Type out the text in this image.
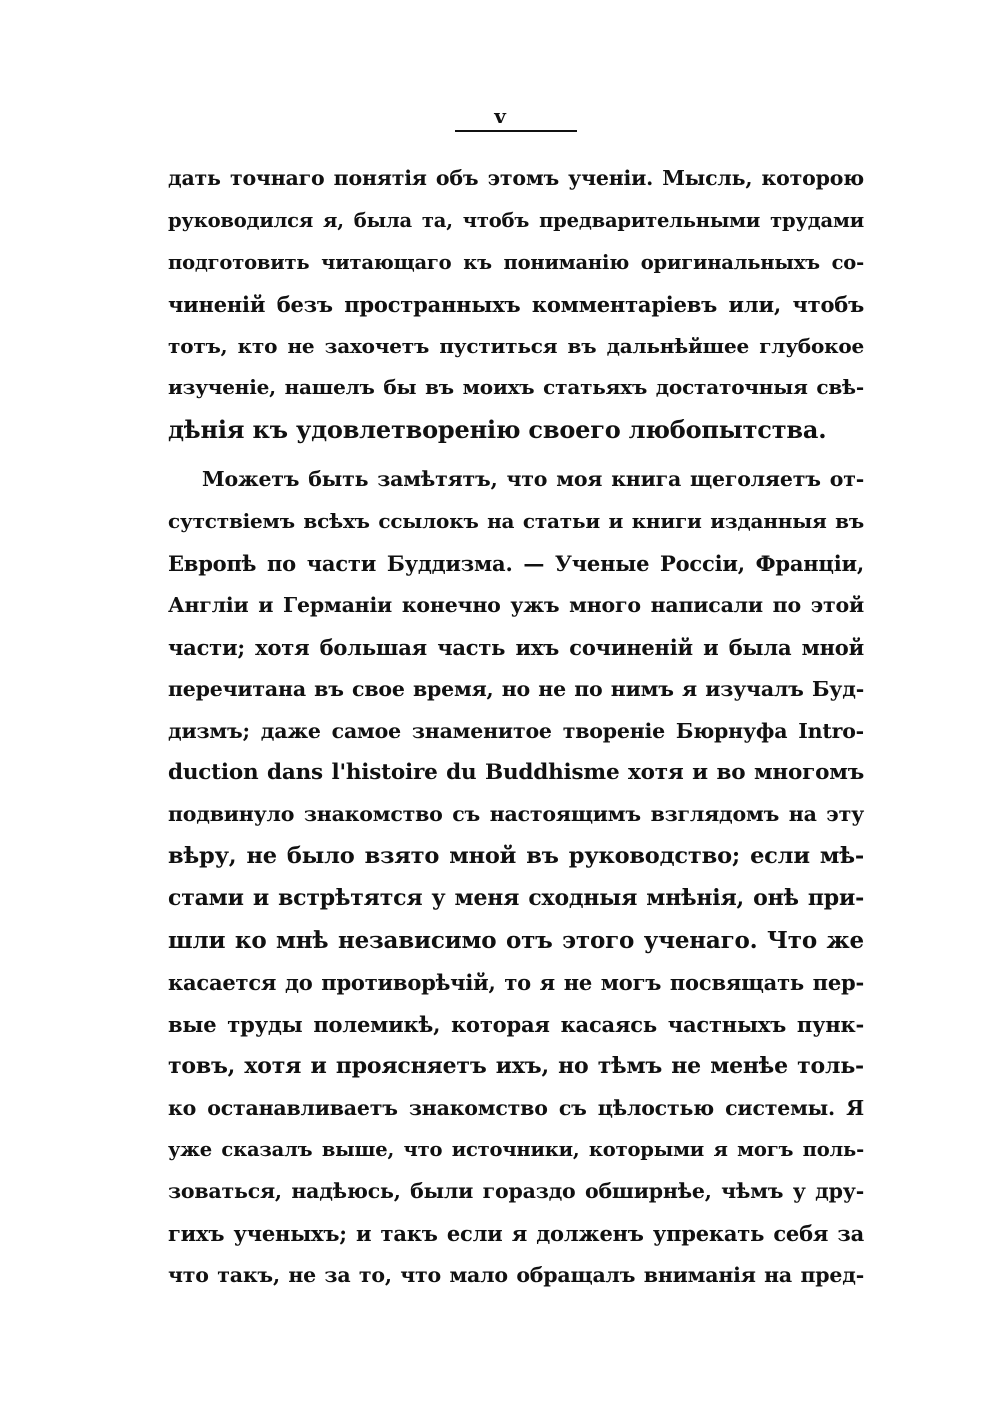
v
дать точнаго понятія объ этомъ ученіи. Мысль, которою
руководился я, была та, чтобъ предварительными трудами
подготовить читающаго къ пониманію оригинальныхъ со-
чиненій безъ пространныхъ комментаріевъ или, чтобъ
тотъ, кто не захочетъ пуститься въ дальнѣйшее глубокое
изученіе, нашелъ бы въ моихъ статьяхъ достаточныя свѣ-
дѣнія къ удовлетворенію своего любопытства.
Можетъ быть замѣтятъ, что моя книга щеголяетъ от-
сутствіемъ всѣхъ ссылокъ на статьи и книги изданныя въ
Европѣ по части Буддизма. — Ученые Россіи, Франціи,
Англіи и Германіи конечно ужъ много написали по этой
части; хотя большая часть ихъ сочиненій и была мной
перечитана въ свое время, но не по нимъ я изучалъ Буд-
дизмъ; даже самое знаменитое твореніе Бюрнуфа Intro-
duction dans l'histoire du Buddhisme хотя и во многомъ
подвинуло знакомство съ настоящимъ взглядомъ на эту
вѣру, не было взято мной въ руководство; если мѣ-
стами и встрѣтятся у меня сходныя мнѣнія, онѣ при-
шли ко мнѣ независимо отъ этого ученаго. Что же
касается до противорѣчій, то я не могъ посвящать пер-
вые труды полемикѣ, которая касаясь частныхъ пунк-
товъ, хотя и проясняетъ ихъ, но тѣмъ не менѣе толь-
ко останавливаетъ знакомство съ цѣлостью системы. Я
уже сказалъ выше, что источники, которыми я могъ поль-
зоваться, надѣюсь, были гораздо обширнѣе, чѣмъ у дру-
гихъ ученыхъ; и такъ если я долженъ упрекать себя за
что такъ, не за то, что мало обращалъ вниманія на пред-
